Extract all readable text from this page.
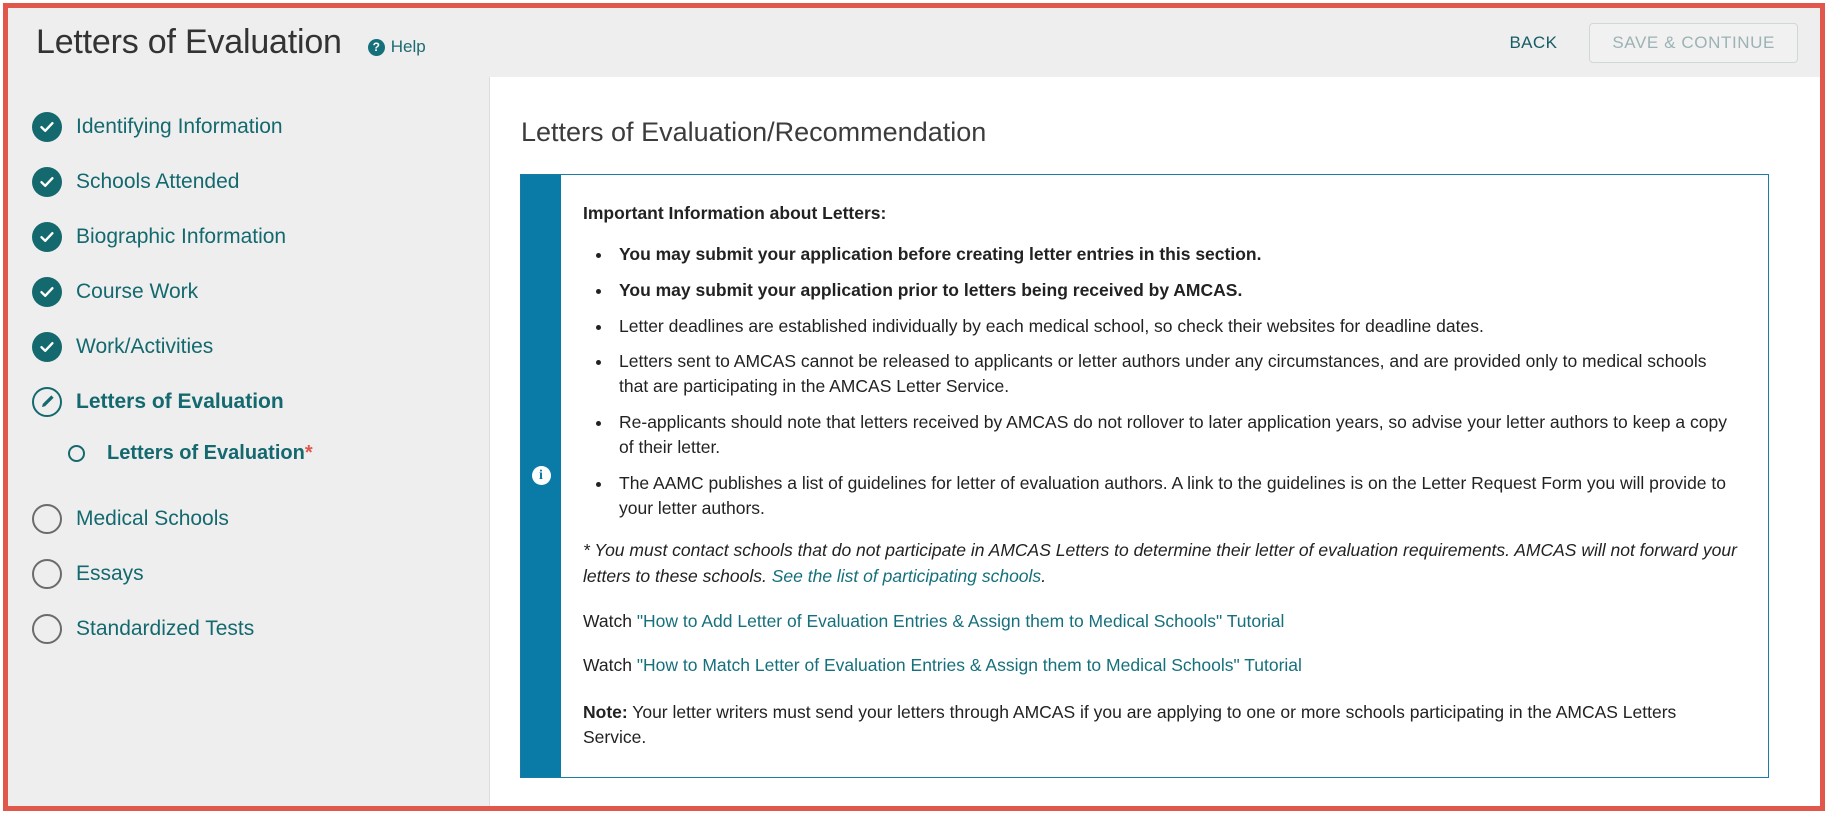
Letters of Evaluation	? Help	BACK	SAVE & CONTINUE
Identifying Information
Schools Attended
Biographic Information
Course Work
Work/Activities
Letters of Evaluation
Letters of Evaluation*
Medical Schools
Essays
Standardized Tests
Letters of Evaluation/Recommendation
i
Important Information about Letters:
• You may submit your application before creating letter entries in this section.
• You may submit your application prior to letters being received by AMCAS.
• Letter deadlines are established individually by each medical school, so check their websites for deadline dates.
• Letters sent to AMCAS cannot be released to applicants or letter authors under any circumstances, and are provided only to medical schools that are participating in the AMCAS Letter Service.
• Re-applicants should note that letters received by AMCAS do not rollover to later application years, so advise your letter authors to keep a copy of their letter.
• The AAMC publishes a list of guidelines for letter of evaluation authors. A link to the guidelines is on the Letter Request Form you will provide to your letter authors.

* You must contact schools that do not participate in AMCAS Letters to determine their letter of evaluation requirements. AMCAS will not forward your letters to these schools. See the list of participating schools.

Watch "How to Add Letter of Evaluation Entries & Assign them to Medical Schools" Tutorial
Watch "How to Match Letter of Evaluation Entries & Assign them to Medical Schools" Tutorial

Note: Your letter writers must send your letters through AMCAS if you are applying to one or more schools participating in the AMCAS Letters Service.
